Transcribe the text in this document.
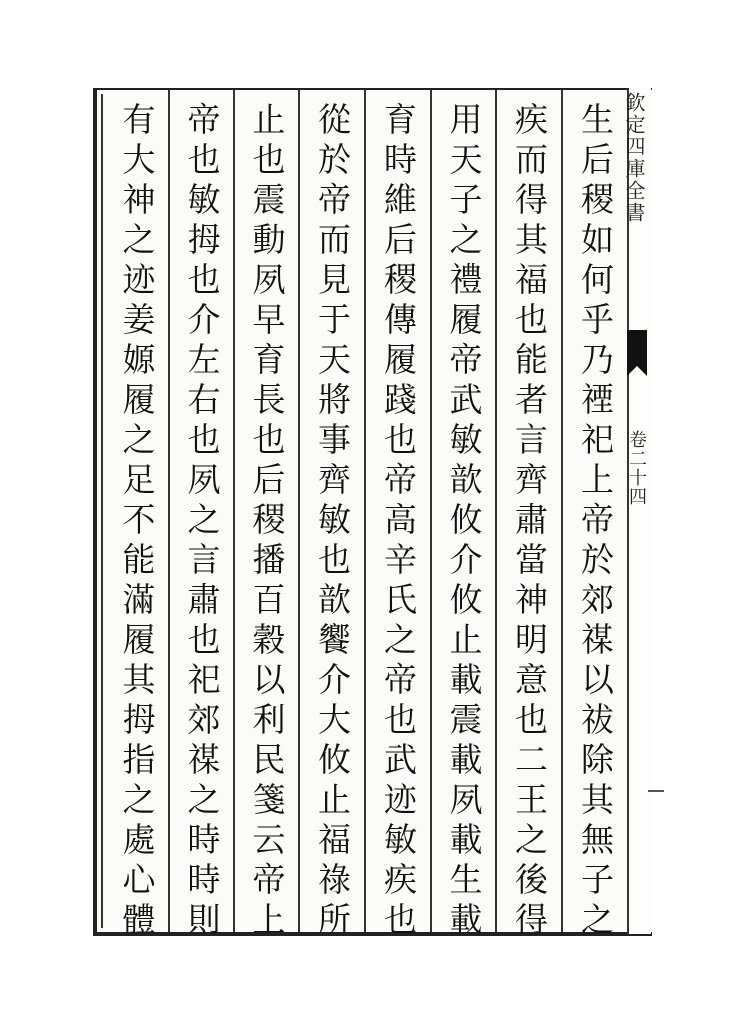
有大神之迹姜嫄履之足不能滿履其拇指之處心體 帝也敏拇也介左右也夙之言肅也祀郊禖之時時則 止也震動夙早育長也后稷播百穀以利民箋云帝上 從於帝而見于天將事齊敏也歆饗介大攸止福祿所 育時維后稷傳履踐也帝高辛氏之帝也武迹敏疾也 用天子之禮履帝武敏歆攸介攸止載震載夙載生載 疾而得其福也能者言齊肅當神明意也二王之後得 生后稷如何乎乃禋祀上帝於郊禖以祓除其無子之 欽定四庫全書
卷二十四
